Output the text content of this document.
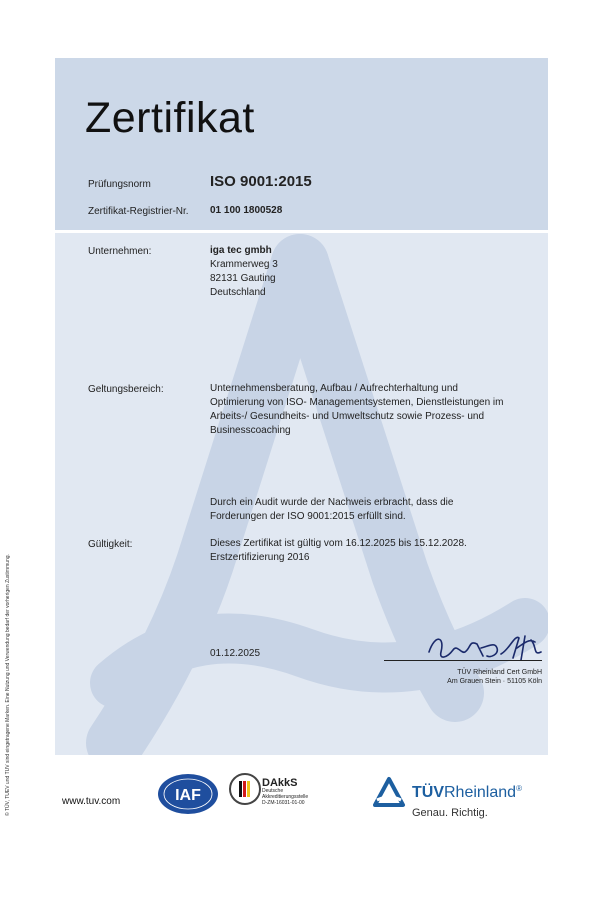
© TÜV, TUEV und TUV sind eingetragene Marken. Eine Nutzung und Verwendung bedarf der vorherigen Zustimmung.
Zertifikat
Prüfungsnorm	ISO 9001:2015
Zertifikat-Registrier-Nr. 01 100 1800528
Unternehmen:	iga tec gmbh
Krammerweg 3
82131 Gauting
Deutschland
Geltungsbereich:	Unternehmensberatung, Aufbau / Aufrechterhaltung und
Optimierung von ISO- Managementsystemen, Dienstleistungen im
Arbeits-/ Gesundheits- und Umweltschutz sowie Prozess- und
Businesscoaching
Durch ein Audit wurde der Nachweis erbracht, dass die
Forderungen der ISO 9001:2015 erfüllt sind.
Gültigkeit:	Dieses Zertifikat ist gültig vom 16.12.2025 bis 15.12.2028.
Erstzertifizierung 2016
01.12.2025
TÜV Rheinland Cert GmbH
Am Grauen Stein · 51105 Köln
www.tuv.com	IAF
DAkkS
Deutsche
Akkreditierungsstelle
D-ZM-16031-01-00
TÜVRheinland®
Genau. Richtig.
